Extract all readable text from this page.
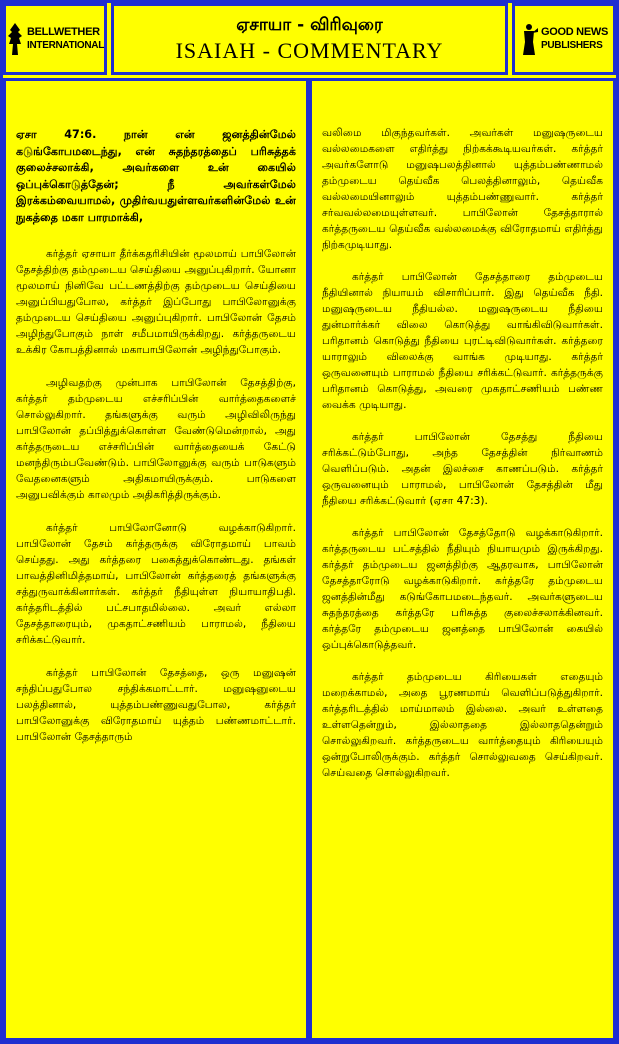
BELLWETHER
INTERNATIONAL
ஏசாயா - விரிவுரை
ISAIAH - COMMENTARY
GOOD NEWS
PUBLISHERS

ஏசா 47:6. நான் என் ஜனத்தின்மேல் கடுங்கோபமடைந்து, என் சுதந்தரத்தைப் பரிசுத்தக் குலைச்சலாக்கி, அவர்களை உன் கையில் ஒப்புக்கொடுத்தேன்; நீ அவர்கள்மேல் இரக்கம்வையாமல், முதிர்வயதுள்ளவர்களின்மேல் உன் நுகத்தை மகா பாரமாக்கி,

கர்த்தர் ஏசாயா தீர்க்கதரிசியின் மூலமாய் பாபிலோன் தேசத்திற்கு தம்முடைய செய்தியை அனுப்புகிறார். யோனா மூலமாய் நினிவே பட்டணத்திற்கு தம்முடைய செய்தியை அனுப்பியதுபோல, கர்த்தர் இப்போது பாபிலோனுக்கு தம்முடைய செய்தியை அனுப்புகிறார். பாபிலோன் தேசம் அழிந்துபோகும் நாள் சமீபமாயிருக்கிறது. கர்த்தருடைய உக்கிர கோபத்தினால் மகாபாபிலோன் அழிந்துபோகும்.

அழிவதற்கு முன்பாக பாபிலோன் தேசத்திற்கு, கர்த்தர் தம்முடைய எச்சரிப்பின் வார்த்தைகளைச் சொல்லுகிறார். தங்களுக்கு வரும் அழிவிலிருந்து பாபிலோன் தப்பித்துக்கொள்ள வேண்டுமென்றால், அது கர்த்தருடைய எச்சரிப்பின் வார்த்தையைக் கேட்டு மனந்திரும்பவேண்டும். பாபிலோனுக்கு வரும் பாடுகளும் வேதனைகளும் அதிகமாயிருக்கும். பாடுகளை அனுபவிக்கும் காலமும் அதிகரித்திருக்கும்.

கர்த்தர் பாபிலோனோடு வழக்காடுகிறார். பாபிலோன் தேசம் கர்த்தருக்கு விரோதமாய் பாவம் செய்தது. அது கர்த்தரை பகைத்துக்கொண்டது. தங்கள் பாவத்தினிமித்தமாய், பாபிலோன் கர்த்தரைத் தங்களுக்கு சத்துருவாக்கினார்கள். கர்த்தர் நீதியுள்ள நியாயாதிபதி. கர்த்தரிடத்தில் பட்சபாதமில்லை. அவர் எல்லா தேசத்தாரையும், முகதாட்சணியம் பாராமல், நீதியை சரிக்கட்டுவார்.

கர்த்தர் பாபிலோன் தேசத்தை, ஒரு மனுஷன் சந்திப்பதுபோல சந்திக்கமாட்டார். மனுஷனுடைய பலத்தினால், யுத்தம்பண்ணுவதுபோல, கர்த்தர் பாபிலோனுக்கு விரோதமாய் யுத்தம் பண்ணமாட்டார். பாபிலோன் தேசத்தாரும்

வலிமை மிகுந்தவர்கள். அவர்கள் மனுஷருடைய வல்லமைகளை எதிர்த்து நிற்கக்கூடியவர்கள். கர்த்தர் அவர்களோடு மனுஷபலத்தினால் யுத்தம்பண்ணாமல் தம்முடைய தெய்வீக பெலத்தினாலும், தெய்வீக வல்லமையினாலும் யுத்தம்பண்ணுவார். கர்த்தர் சர்வவல்லமையுள்ளவர். பாபிலோன் தேசத்தாரால் கர்த்தருடைய தெய்வீக வல்லமைக்கு விரோதமாய் எதிர்த்து நிற்கமுடியாது.

கர்த்தர் பாபிலோன் தேசத்தாரை தம்முடைய நீதியினால் நியாயம் விசாரிப்பார். இது தெய்வீக நீதி. மனுஷருடைய நீதியல்ல. மனுஷருடைய நீதியை துன்மார்க்கர் விலை கொடுத்து வாங்கிவிடுவார்கள். பரிதானம் கொடுத்து நீதியை புரட்டிவிடுவார்கள். கர்த்தரை யாராலும் விலைக்கு வாங்க முடியாது. கர்த்தர் ஒருவனையும் பாராமல் நீதியை சரிக்கட்டுவார். கர்த்தருக்கு பரிதானம் கொடுத்து, அவரை முகதாட்சணியம் பண்ண வைக்க முடியாது.

கர்த்தர் பாபிலோன் தேசத்து நீதியை சரிக்கட்டும்போது, அந்த தேசத்தின் நிர்வாணம் வெளிப்படும். அதன் இலச்சை காணப்படும். கர்த்தர் ஒருவனையும் பாராமல், பாபிலோன் தேசத்தின் மீது நீதியை சரிக்கட்டுவார் (ஏசா 47:3).

கர்த்தர் பாபிலோன் தேசத்தோடு வழக்காடுகிறார். கர்த்தருடைய பட்சத்தில் நீதியும் நியாயமும் இருக்கிறது. கர்த்தர் தம்முடைய ஜனத்திற்கு ஆதரவாக, பாபிலோன் தேசத்தாரோடு வழக்காடுகிறார். கர்த்தரே தம்முடைய ஜனத்தின்மீது கடுங்கோபமடைந்தவர். அவர்களுடைய சுதந்தரத்தை கர்த்தரே பரிசுத்த குலைச்சலாக்கினவர். கர்த்தரே தம்முடைய ஜனத்தை பாபிலோன் கையில் ஒப்புக்கொடுத்தவர்.

கர்த்தர் தம்முடைய கிரியைகள் எதையும் மறைக்காமல், அதை பூரணமாய் வெளிப்படுத்துகிறார். கர்த்தரிடத்தில் மாய்மாலம் இல்லை. அவர் உள்ளதை உள்ளதென்றும், இல்லாததை இல்லாததென்றும் சொல்லுகிறவர். கர்த்தருடைய வார்த்தையும் கிரியையும் ஒன்றுபோலிருக்கும். கர்த்தர் சொல்லுவதை செய்கிறவர். செய்வதை சொல்லுகிறவர்.
